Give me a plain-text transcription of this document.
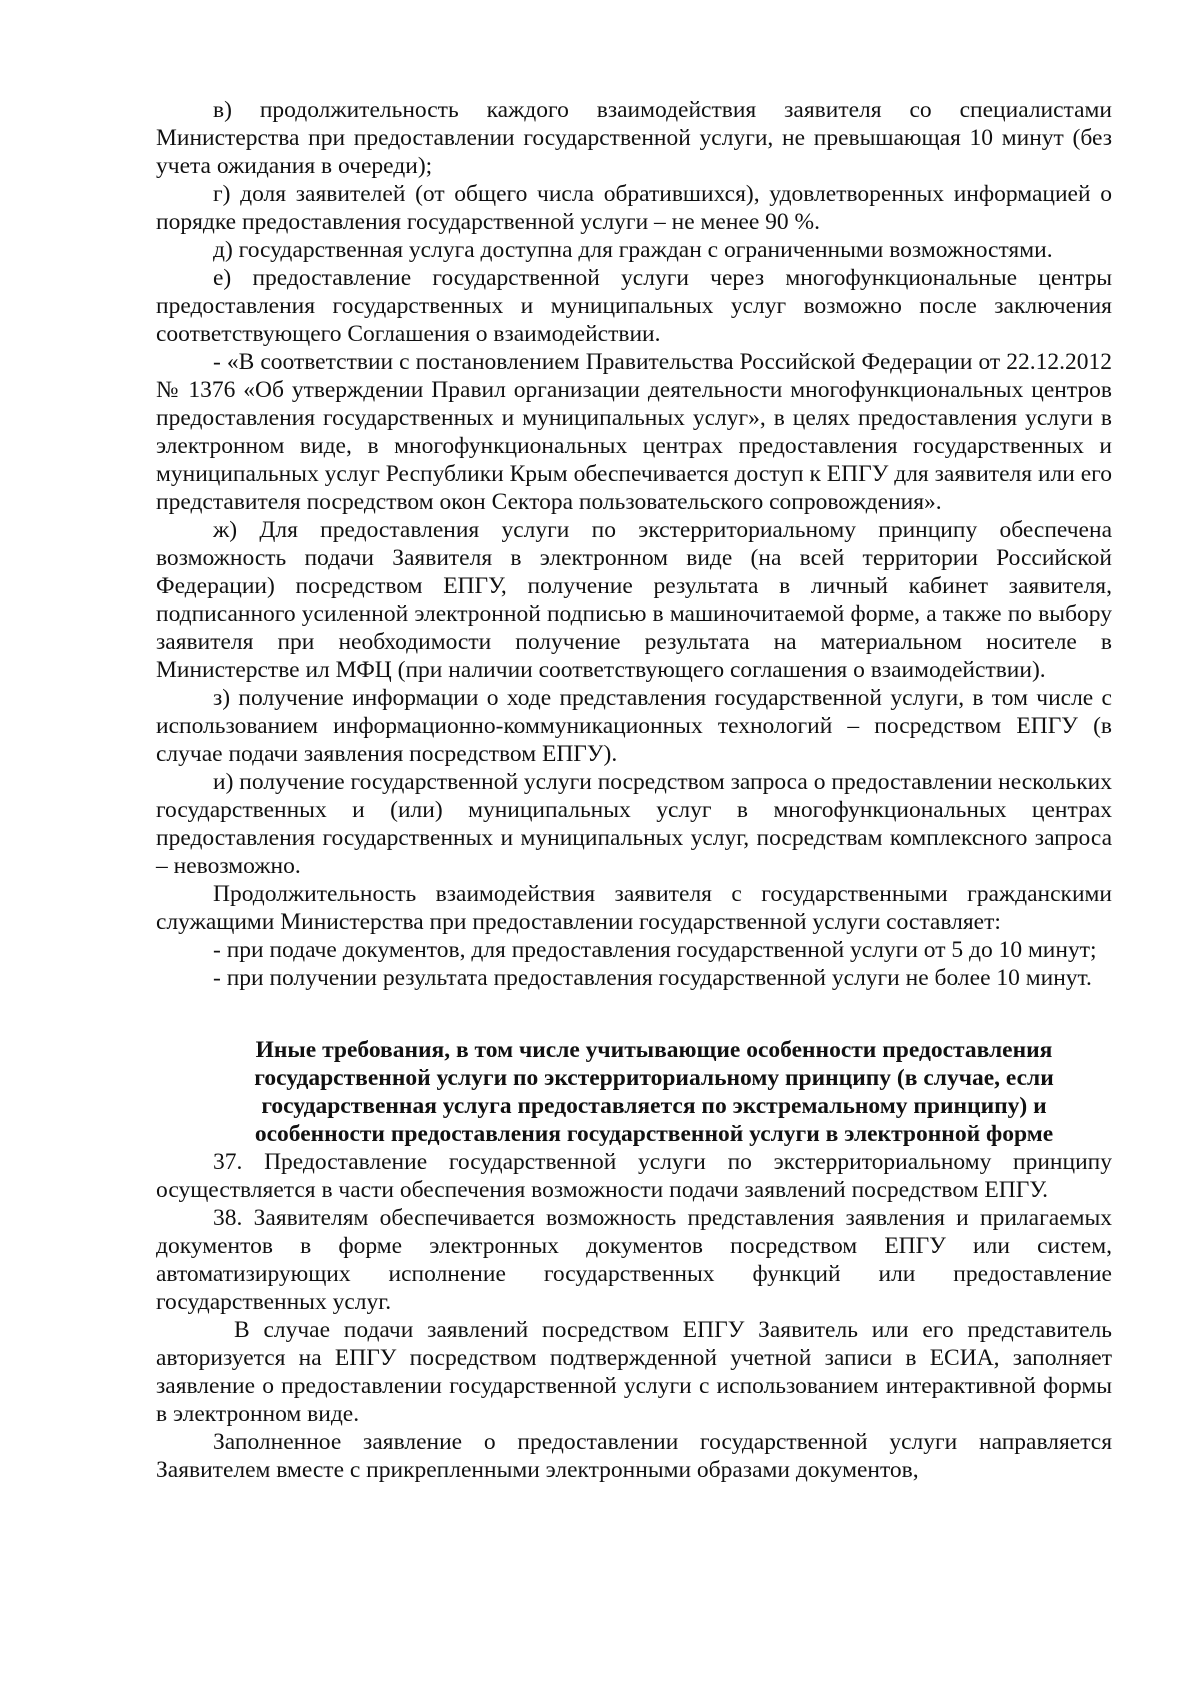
в) продолжительность каждого взаимодействия заявителя со специалистами Министерства при предоставлении государственной услуги, не превышающая 10 минут (без учета ожидания в очереди);

г) доля заявителей (от общего числа обратившихся), удовлетворенных информацией о порядке предоставления государственной услуги – не менее 90 %.

д) государственная услуга доступна для граждан с ограниченными возможностями.

е) предоставление государственной услуги через многофункциональные центры предоставления государственных и муниципальных услуг возможно после заключения соответствующего Соглашения о взаимодействии.

- «В соответствии с постановлением Правительства Российской Федерации от 22.12.2012 № 1376 «Об утверждении Правил организации деятельности многофункциональных центров предоставления государственных и муниципальных услуг», в целях предоставления услуги в электронном виде, в многофункциональных центрах предоставления государственных и муниципальных услуг Республики Крым обеспечивается доступ к ЕПГУ для заявителя или его представителя посредством окон Сектора пользовательского сопровождения».

ж) Для предоставления услуги по экстерриториальному принципу обеспечена возможность подачи Заявителя в электронном виде (на всей территории Российской Федерации) посредством ЕПГУ, получение результата в личный кабинет заявителя, подписанного усиленной электронной подписью в машиночитаемой форме, а также по выбору заявителя при необходимости получение результата на материальном носителе в Министерстве ил МФЦ (при наличии соответствующего соглашения о взаимодействии).

з) получение информации о ходе представления государственной услуги, в том числе с использованием информационно-коммуникационных технологий – посредством ЕПГУ (в случае подачи заявления посредством ЕПГУ).

и) получение государственной услуги посредством запроса о предоставлении нескольких государственных и (или) муниципальных услуг в многофункциональных центрах предоставления государственных и муниципальных услуг, посредствам комплексного запроса – невозможно.

Продолжительность взаимодействия заявителя с государственными гражданскими служащими Министерства при предоставлении государственной услуги составляет:

- при подаче документов, для предоставления государственной услуги от 5 до 10 минут;

- при получении результата предоставления государственной услуги не более 10 минут.

Иные требования, в том числе учитывающие особенности предоставления
государственной услуги по экстерриториальному принципу (в случае, если
государственная услуга предоставляется по экстремальному принципу) и
особенности предоставления государственной услуги в электронной форме

37. Предоставление государственной услуги по экстерриториальному принципу осуществляется в части обеспечения возможности подачи заявлений посредством ЕПГУ.

38. Заявителям обеспечивается возможность представления заявления и прилагаемых документов в форме электронных документов посредством ЕПГУ или систем, автоматизирующих исполнение государственных функций или предоставление государственных услуг.

В случае подачи заявлений посредством ЕПГУ Заявитель или его представитель авторизуется на ЕПГУ посредством подтвержденной учетной записи в ЕСИА, заполняет заявление о предоставлении государственной услуги с использованием интерактивной формы в электронном виде.

Заполненное заявление о предоставлении государственной услуги направляется Заявителем вместе с прикрепленными электронными образами документов,
